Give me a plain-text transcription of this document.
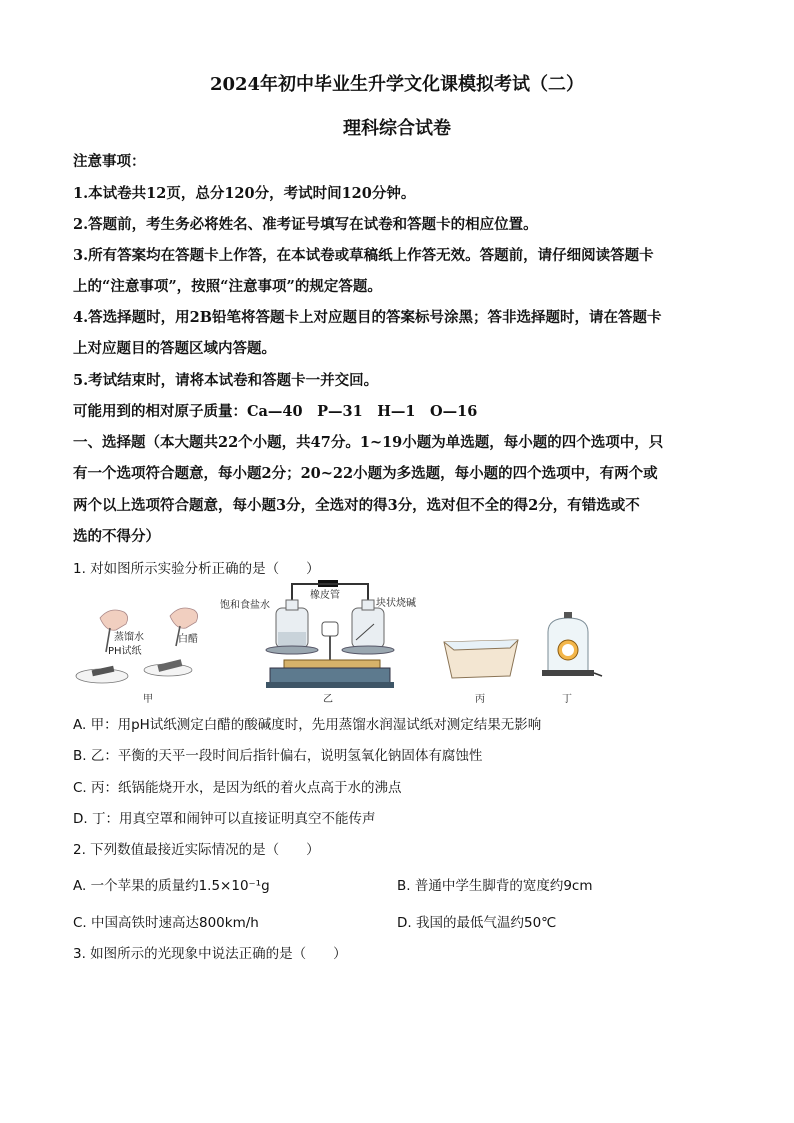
2024年初中毕业生升学文化课模拟考试（二）
理科综合试卷
注意事项：
1.本试卷共12页，总分120分，考试时间120分钟。
2.答题前，考生务必将姓名、准考证号填写在试卷和答题卡的相应位置。
3.所有答案均在答题卡上作答，在本试卷或草稿纸上作答无效。答题前，请仔细阅读答题卡
上的“注意事项”，按照“注意事项”的规定答题。
4.答选择题时，用2B铅笔将答题卡上对应题目的答案标号涂黑；答非选择题时，请在答题卡
上对应题目的答题区域内答题。
5.考试结束时，请将本试卷和答题卡一并交回。
可能用到的相对原子质量：Ca—40　P—31　H—1　O—16
一、选择题（本大题共22个小题，共47分。1~19小题为单选题，每小题的四个选项中，只
有一个选项符合题意，每小题2分；20~22小题为多选题，每小题的四个选项中，有两个或
两个以上选项符合题意，每小题3分，全选对的得3分，选对但不全的得2分，有错选或不
选的不得分）
1. 对如图所示实验分析正确的是（　　）
蒸馏水
PH试纸
白醋
甲
饱和食盐水
橡皮管
块状烧碱
乙	丙	丁
A. 甲：用pH试纸测定白醋的酸碱度时，先用蒸馏水润湿试纸对测定结果无影响
B. 乙：平衡的天平一段时间后指针偏右，说明氢氧化钠固体有腐蚀性
C. 丙：纸锅能烧开水，是因为纸的着火点高于水的沸点
D. 丁：用真空罩和闹钟可以直接证明真空不能传声
2. 下列数值最接近实际情况的是（　　）
A. 一个苹果的质量约1.5×10⁻¹g	B. 普通中学生脚背的宽度约9cm
C. 中国高铁时速高达800km/h	D. 我国的最低气温约50℃
3. 如图所示的光现象中说法正确的是（　　）
